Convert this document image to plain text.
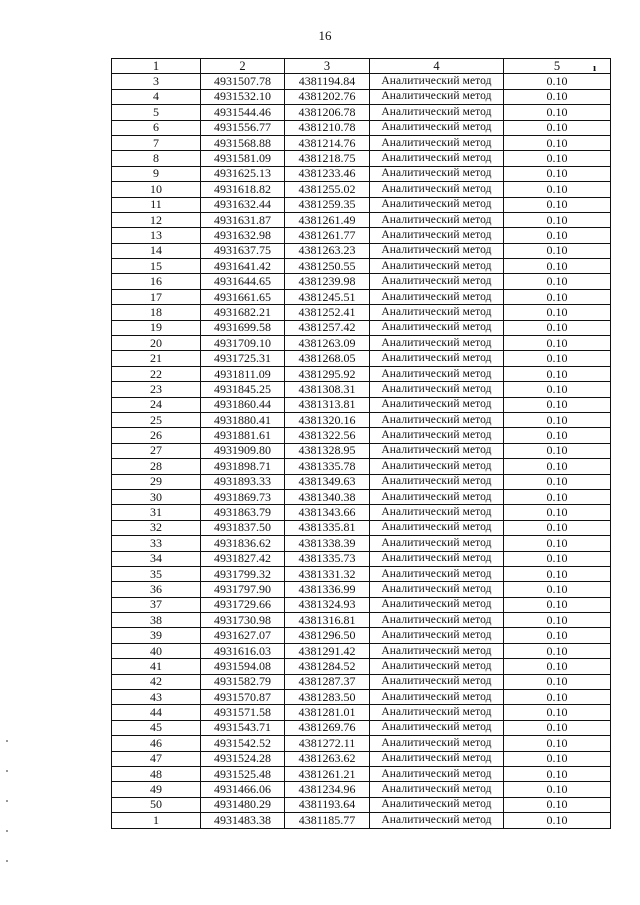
16
ı
1	2	3	4	5
3	4931507.78	4381194.84	Аналитический метод	0.10
4	4931532.10	4381202.76	Аналитический метод	0.10
5	4931544.46	4381206.78	Аналитический метод	0.10
6	4931556.77	4381210.78	Аналитический метод	0.10
7	4931568.88	4381214.76	Аналитический метод	0.10
8	4931581.09	4381218.75	Аналитический метод	0.10
9	4931625.13	4381233.46	Аналитический метод	0.10
10	4931618.82	4381255.02	Аналитический метод	0.10
11	4931632.44	4381259.35	Аналитический метод	0.10
12	4931631.87	4381261.49	Аналитический метод	0.10
13	4931632.98	4381261.77	Аналитический метод	0.10
14	4931637.75	4381263.23	Аналитический метод	0.10
15	4931641.42	4381250.55	Аналитический метод	0.10
16	4931644.65	4381239.98	Аналитический метод	0.10
17	4931661.65	4381245.51	Аналитический метод	0.10
18	4931682.21	4381252.41	Аналитический метод	0.10
19	4931699.58	4381257.42	Аналитический метод	0.10
20	4931709.10	4381263.09	Аналитический метод	0.10
21	4931725.31	4381268.05	Аналитический метод	0.10
22	4931811.09	4381295.92	Аналитический метод	0.10
23	4931845.25	4381308.31	Аналитический метод	0.10
24	4931860.44	4381313.81	Аналитический метод	0.10
25	4931880.41	4381320.16	Аналитический метод	0.10
26	4931881.61	4381322.56	Аналитический метод	0.10
27	4931909.80	4381328.95	Аналитический метод	0.10
28	4931898.71	4381335.78	Аналитический метод	0.10
29	4931893.33	4381349.63	Аналитический метод	0.10
30	4931869.73	4381340.38	Аналитический метод	0.10
31	4931863.79	4381343.66	Аналитический метод	0.10
32	4931837.50	4381335.81	Аналитический метод	0.10
33	4931836.62	4381338.39	Аналитический метод	0.10
34	4931827.42	4381335.73	Аналитический метод	0.10
35	4931799.32	4381331.32	Аналитический метод	0.10
36	4931797.90	4381336.99	Аналитический метод	0.10
37	4931729.66	4381324.93	Аналитический метод	0.10
38	4931730.98	4381316.81	Аналитический метод	0.10
39	4931627.07	4381296.50	Аналитический метод	0.10
40	4931616.03	4381291.42	Аналитический метод	0.10
41	4931594.08	4381284.52	Аналитический метод	0.10
42	4931582.79	4381287.37	Аналитический метод	0.10
43	4931570.87	4381283.50	Аналитический метод	0.10
44	4931571.58	4381281.01	Аналитический метод	0.10
45	4931543.71	4381269.76	Аналитический метод	0.10
46	4931542.52	4381272.11	Аналитический метод	0.10
47	4931524.28	4381263.62	Аналитический метод	0.10
48	4931525.48	4381261.21	Аналитический метод	0.10
49	4931466.06	4381234.96	Аналитический метод	0.10
50	4931480.29	4381193.64	Аналитический метод	0.10
1	4931483.38	4381185.77	Аналитический метод	0.10
